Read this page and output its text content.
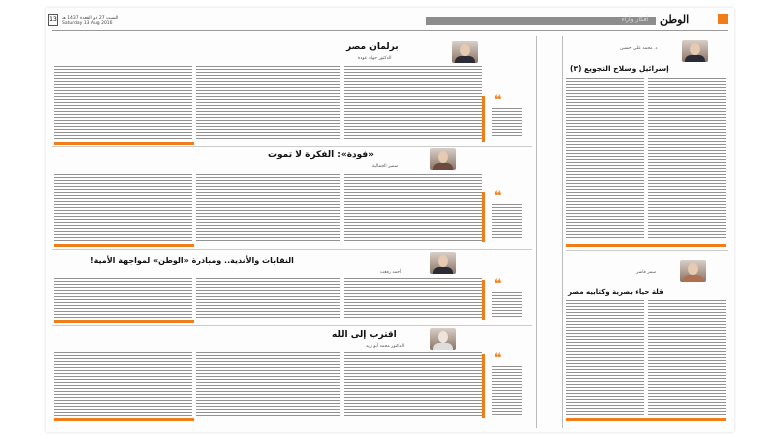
13 السبت 27 ذو القعدة 1437 هـ
Saturday 13 Aug 2016
أفكار وآراء الوطن
برلمان مصر
الدكتور جهاد عودة
❝
«فودة»: الفكرة لا تموت
سمير الجمالية
❝
النقابات والأندية.. ومبادرة «الوطن» لمواجهة الأمية!
أحمد رفعت
❝
اقترب إلى الله
الدكتور محمد أبو زيد
❝
د. محمد علي حسين
إسرائيل وسلاح التجويع (٣)
سمر فاشر
قلة حياء بصرية وكتابيه مصر
